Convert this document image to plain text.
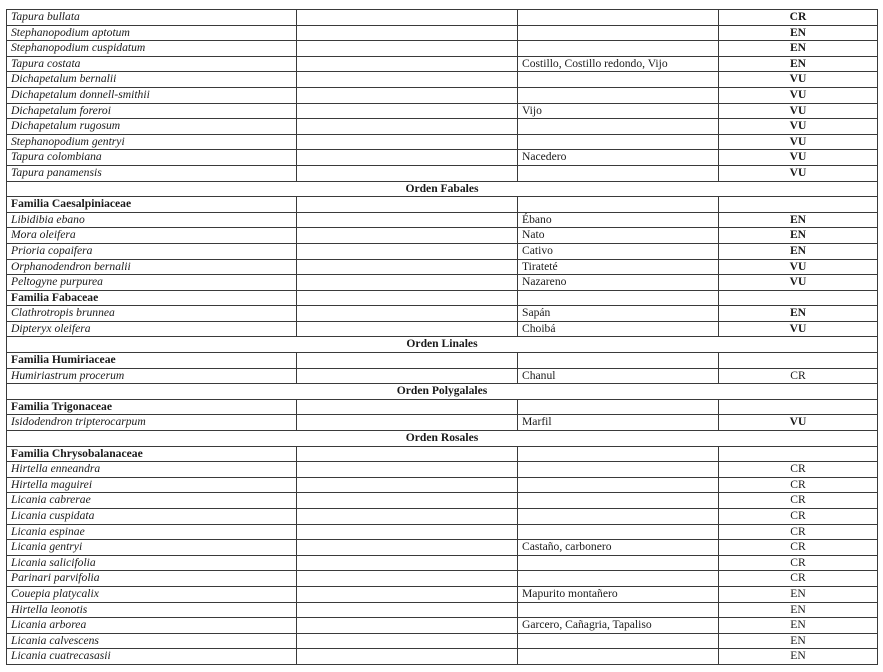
Tapura bullata			CR
Stephanopodium aptotum			EN
Stephanopodium cuspidatum			EN
Tapura costata		Costillo, Costillo redondo, Vijo	EN
Dichapetalum bernalii			VU
Dichapetalum donnell-smithii			VU
Dichapetalum foreroi		Vijo	VU
Dichapetalum rugosum			VU
Stephanopodium gentryi			VU
Tapura colombiana		Nacedero	VU
Tapura panamensis			VU
Orden Fabales			
Familia Caesalpiniaceae			
Libidibia ebano		Ébano	EN
Mora oleifera		Nato	EN
Prioria copaifera		Cativo	EN
Orphanodendron bernalii		Tirateté	VU
Peltogyne purpurea		Nazareno	VU
Familia Fabaceae			
Clathrotropis brunnea		Sapán	EN
Dipteryx oleifera		Choibá	VU
Orden Linales			
Familia Humiriaceae			
Humiriastrum procerum		Chanul	CR
Orden Polygalales			
Familia Trigonaceae			
Isidodendron tripterocarpum		Marfil	VU
Orden Rosales			
Familia Chrysobalanaceae			
Hirtella enneandra			CR
Hirtella maguirei			CR
Licania cabrerae			CR
Licania cuspidata			CR
Licania espinae			CR
Licania gentryi		Castaño, carbonero	CR
Licania salicifolia			CR
Parinari parvifolia			CR
Couepia platycalix		Mapurito montañero	EN
Hirtella leonotis			EN
Licania arborea		Garcero, Cañagria, Tapaliso	EN
Licania calvescens			EN
Licania cuatrecasasii			EN
